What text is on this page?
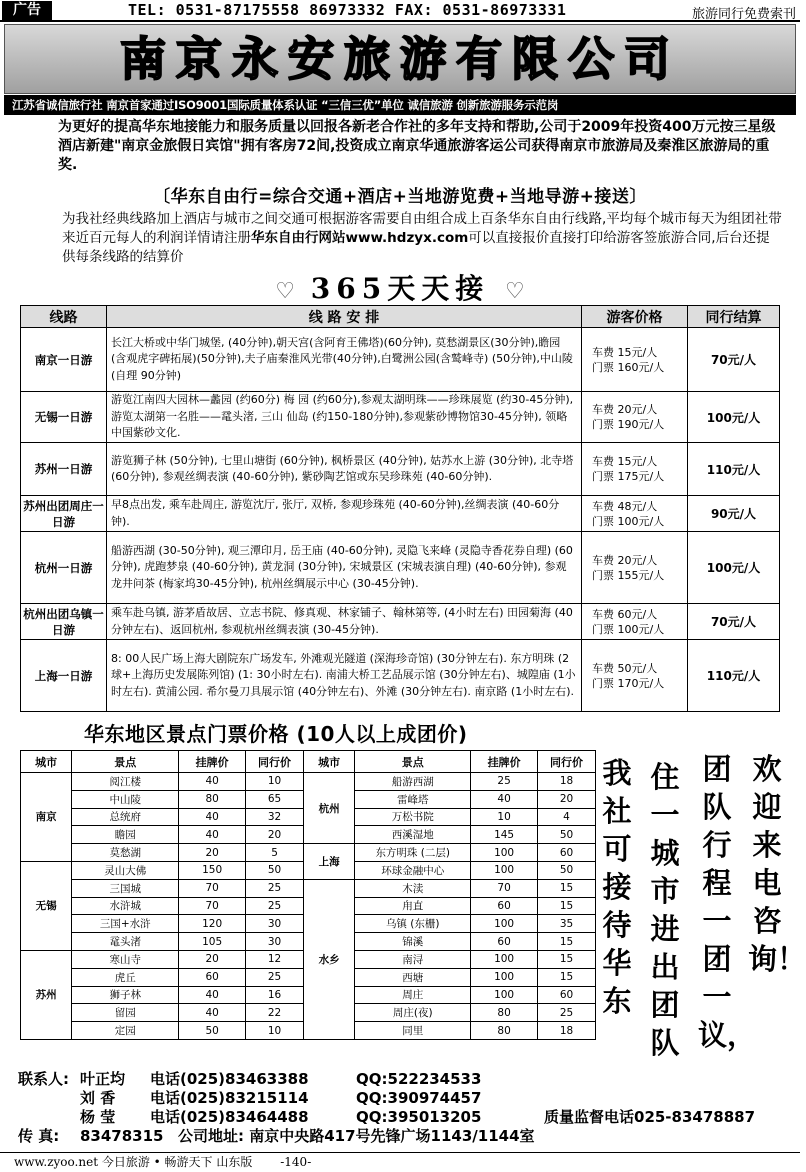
广告	TEL: 0531-87175558 86973332 FAX: 0531-86973331	旅游同行免费索刊
南京永安旅游有限公司
江苏省诚信旅行社 南京首家通过ISO9001国际质量体系认证 “三信三优”单位 诚信旅游 创新旅游服务示范岗
为更好的提高华东地接能力和服务质量以回报各新老合作社的多年支持和帮助,公司于2009年投资400万元按三星级酒店新建"南京金旅假日宾馆"拥有客房72间,投资成立南京华通旅游客运公司获得南京市旅游局及秦淮区旅游局的重奖.
〔华东自由行=综合交通+酒店+当地游览费+当地导游+接送〕
为我社经典线路加上酒店与城市之间交通可根据游客需要自由组合成上百条华东自由行线路,平均每个城市每天为组团社带来近百元每人的利润详情请注册华东自由行网站www.hdzyx.com可以直接报价直接打印给游客签旅游合同,后台还提供每条线路的结算价
♡ 365天天接 ♡
线路	线 路 安 排	游客价格	同行结算
南京一日游	长江大桥或中华门城堡, (40分钟),朝天宫(含阿育王佛塔)(60分钟), 莫愁湖景区(30分钟),瞻园 (含观虎字碑拓展)(50分钟),夫子庙秦淮风光带(40分钟),白鹭洲公园(含鹫峰寺) (50分钟),中山陵 (自理 90分钟)	车费 15元/人
门票 160元/人	70元/人
无锡一日游	游览江南四大园林—蠡园 (约60分) 梅 园 (约60分),参观太湖明珠——珍珠展览 (约30-45分钟), 游览太湖第一名胜——鼋头渚, 三山 仙岛 (约150-180分钟),参观紫砂博物馆30-45分钟), 领略中国紫砂文化.	车费 20元/人
门票 190元/人	100元/人
苏州一日游	游览狮子林 (50分钟), 七里山塘街 (60分钟), 枫桥景区 (40分钟), 姑苏水上游 (30分钟), 北寺塔 (60分钟), 参观丝绸表演 (40-60分钟), 紫砂陶艺馆或东吴珍珠苑 (40-60分钟).	车费 15元/人
门票 175元/人	110元/人
苏州出团周庄一日游	早8点出发, 乘车赴周庄, 游览沈厅, 张厅, 双桥, 参观珍珠苑 (40-60分钟),丝绸表演 (40-60分钟).	车费 48元/人
门票 100元/人	90元/人
杭州一日游	船游西湖 (30-50分钟), 观三潭印月, 岳王庙 (40-60分钟), 灵隐飞来峰 (灵隐寺香花券自理) (60分钟), 虎跑梦泉 (40-60分钟), 黄龙洞 (30分钟), 宋城景区 (宋城表演自理) (40-60分钟), 参观龙井问茶 (梅家坞30-45分钟), 杭州丝绸展示中心 (30-45分钟).	车费 20元/人
门票 155元/人	100元/人
杭州出团乌镇一日游	乘车赴乌镇, 游茅盾故居、立志书院、修真观、林家铺子、翰林第等, (4小时左右) 田园菊海 (40分钟左右)、返回杭州, 参观杭州丝绸表演 (30-45分钟).	车费 60元/人
门票 100元/人	70元/人
上海一日游	8: 00人民广场上海大剧院东广场发车, 外滩观光隧道 (深海珍奇馆) (30分钟左右). 东方明珠 (2球+上海历史发展陈列馆) (1: 30小时左右). 南浦大桥工艺品展示馆 (30分钟左右)、城隍庙 (1小时左右). 黄浦公园. 希尔曼刀具展示馆 (40分钟左右)、外滩 (30分钟左右). 南京路 (1小时左右).	车费 50元/人
门票 170元/人	110元/人
华东地区景点门票价格 (10人以上成团价)
城市	景点	挂牌价	同行价	城市	景点	挂牌价	同行价
南京	阅江楼	40	10	杭州	船游西湖	25	18
	中山陵	80	65		雷峰塔	40	20
	总统府	40	32		万松书院	10	4
	瞻园	40	20		西溪湿地	145	50
	莫愁湖	20	5	上海	东方明珠 (二层)	100	60
无锡	灵山大佛	150	50		环球金融中心	100	50
	三国城	70	25	水乡	木渎	70	15
	水浒城	70	25		甪直	60	15
	三国+水浒	120	30		乌镇 (东栅)	100	35
	鼋头渚	105	30		锦溪	60	15
苏州	寒山寺	20	12		南浔	100	15
	虎丘	60	25		西塘	100	15
	狮子林	40	16		周庄	100	60
	留园	40	22		周庄(夜)	80	25
	定园	50	10		同里	80	18
欢迎来电咨询！
团队行程一团一议，
住一城市进出团队
我社可接待华东
联系人: 叶正均 电话(025)83463388	QQ:522234533
刘 香 电话(025)83215114	QQ:390974457
杨 莹 电话(025)83464488	QQ:395013205	质量监督电话025-83478887
传 真: 83478315 公司地址: 南京中央路417号先锋广场1143/1144室
www.zyoo.net 今日旅游 • 畅游天下 山东版 -140-
